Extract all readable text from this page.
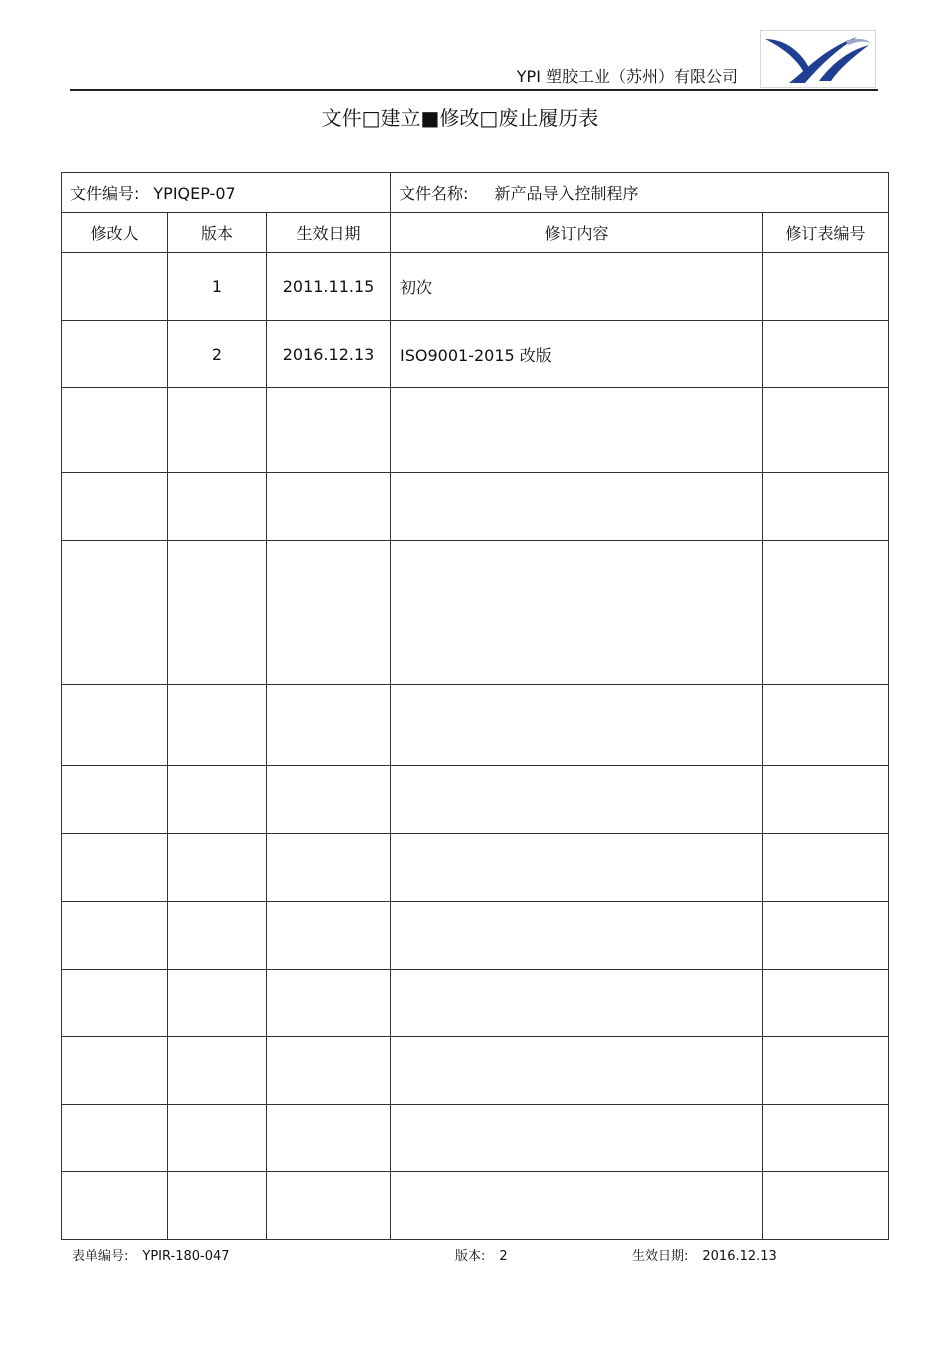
YPI 塑胶工业（苏州）有限公司
文件□建立■修改□废止履历表
文件编号: YPIQEP-07			文件名称: 新产品导入控制程序	
修改人	版本	生效日期	修订内容	修订表编号
	1	2011.11.15	初次	
	2	2016.12.13	ISO9001-2015 改版	

表单编号: YPIR-180-047	版本: 2	生效日期: 2016.12.13
